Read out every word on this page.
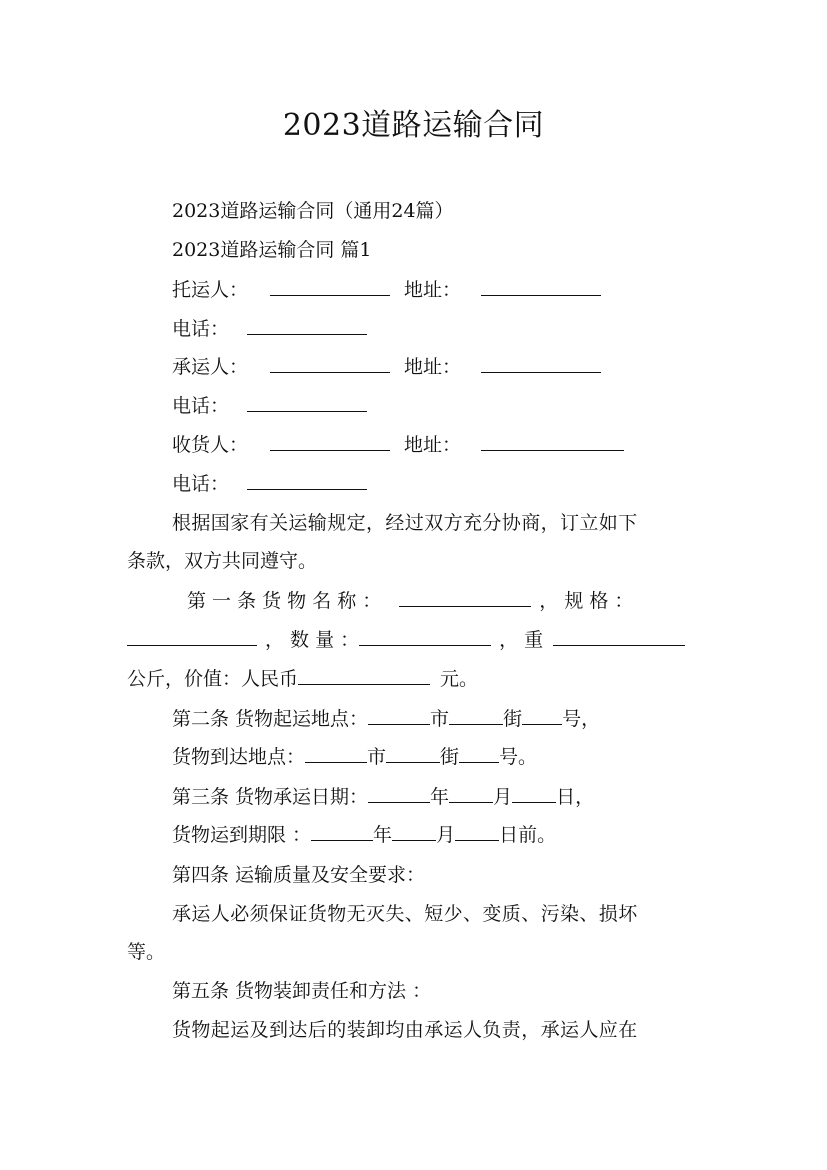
2023道路运输合同
2023道路运输合同（通用24篇）
2023道路运输合同 篇1
托运人：	地址：
电话：
承运人：	地址：
电话：
收货人：	地址：
电话：
根据国家有关运输规定，经过双方充分协商，订立如下
条款，双方共同遵守。
第 一 条 货 物 名 称 ：	， 规 格 ：
， 数 量 ：	， 重
公斤，价值：人民币	元。
第二条 货物起运地点：	市	街 号，
货物到达地点：	市	街 号。
第三条 货物承运日期：	年 月 日，
货物运到期限 ：	年 月 日前。
第四条 运输质量及安全要求：
承运人必须保证货物无灭失、短少、变质、污染、损坏
等。
第五条 货物装卸责任和方法 ：
货物起运及到达后的装卸均由承运人负责，承运人应在
